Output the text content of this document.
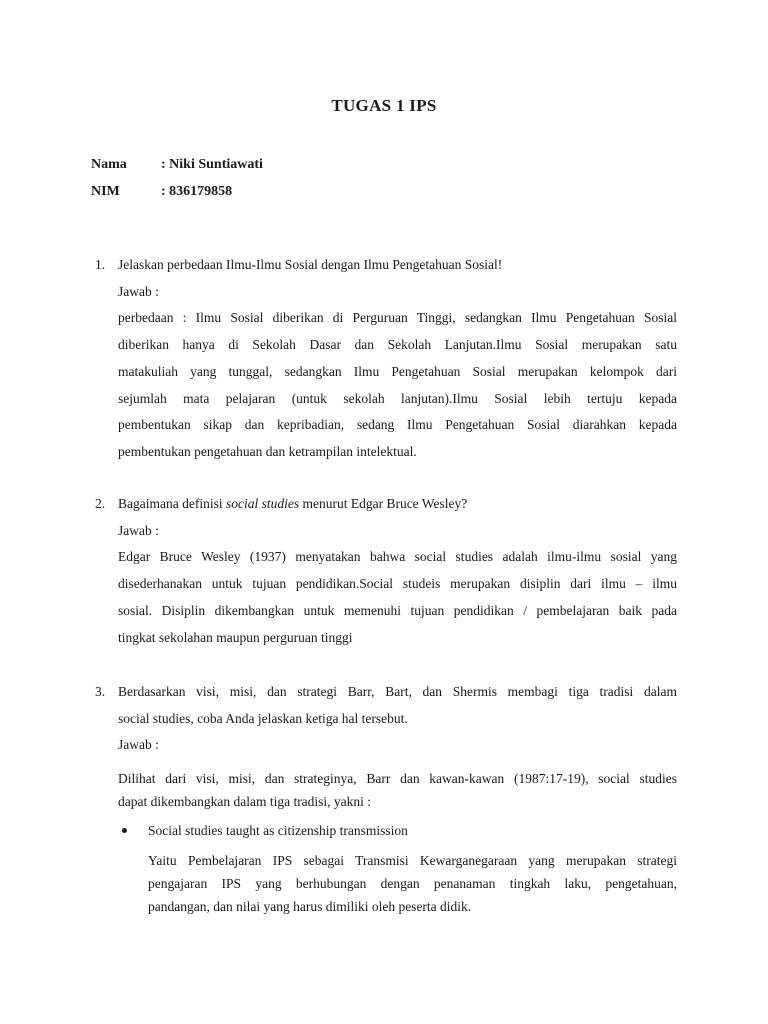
TUGAS 1 IPS
Nama : Niki Suntiawati
NIM	: 836179858
1. Jelaskan perbedaan Ilmu-Ilmu Sosial dengan Ilmu Pengetahuan Sosial!
Jawab :
perbedaan : Ilmu Sosial diberikan di Perguruan Tinggi, sedangkan Ilmu Pengetahuan Sosial
diberikan hanya di Sekolah Dasar dan Sekolah Lanjutan.Ilmu Sosial merupakan satu
matakuliah yang tunggal, sedangkan Ilmu Pengetahuan Sosial merupakan kelompok dari
sejumlah mata pelajaran (untuk sekolah lanjutan).Ilmu Sosial lebih tertuju kepada
pembentukan sikap dan kepribadian, sedang Ilmu Pengetahuan Sosial diarahkan kepada
pembentukan pengetahuan dan ketrampilan intelektual.
2. Bagaimana definisi social studies menurut Edgar Bruce Wesley?
Jawab :
Edgar Bruce Wesley (1937) menyatakan bahwa social studies adalah ilmu-ilmu sosial yang
disederhanakan untuk tujuan pendidikan.Social studeis merupakan disiplin dari ilmu – ilmu
sosial. Disiplin dikembangkan untuk memenuhi tujuan pendidikan / pembelajaran baik pada
tingkat sekolahan maupun perguruan tinggi
3. Berdasarkan visi, misi, dan strategi Barr, Bart, dan Shermis membagi tiga tradisi dalam
social studies, coba Anda jelaskan ketiga hal tersebut.
Jawab :
Dilihat dari visi, misi, dan strateginya, Barr dan kawan-kawan (1987:17-19), social studies
dapat dikembangkan dalam tiga tradisi, yakni :
Social studies taught as citizenship transmission
Yaitu Pembelajaran IPS sebagai Transmisi Kewarganegaraan yang merupakan strategi
pengajaran IPS yang berhubungan dengan penanaman tingkah laku, pengetahuan,
pandangan, dan nilai yang harus dimiliki oleh peserta didik.
